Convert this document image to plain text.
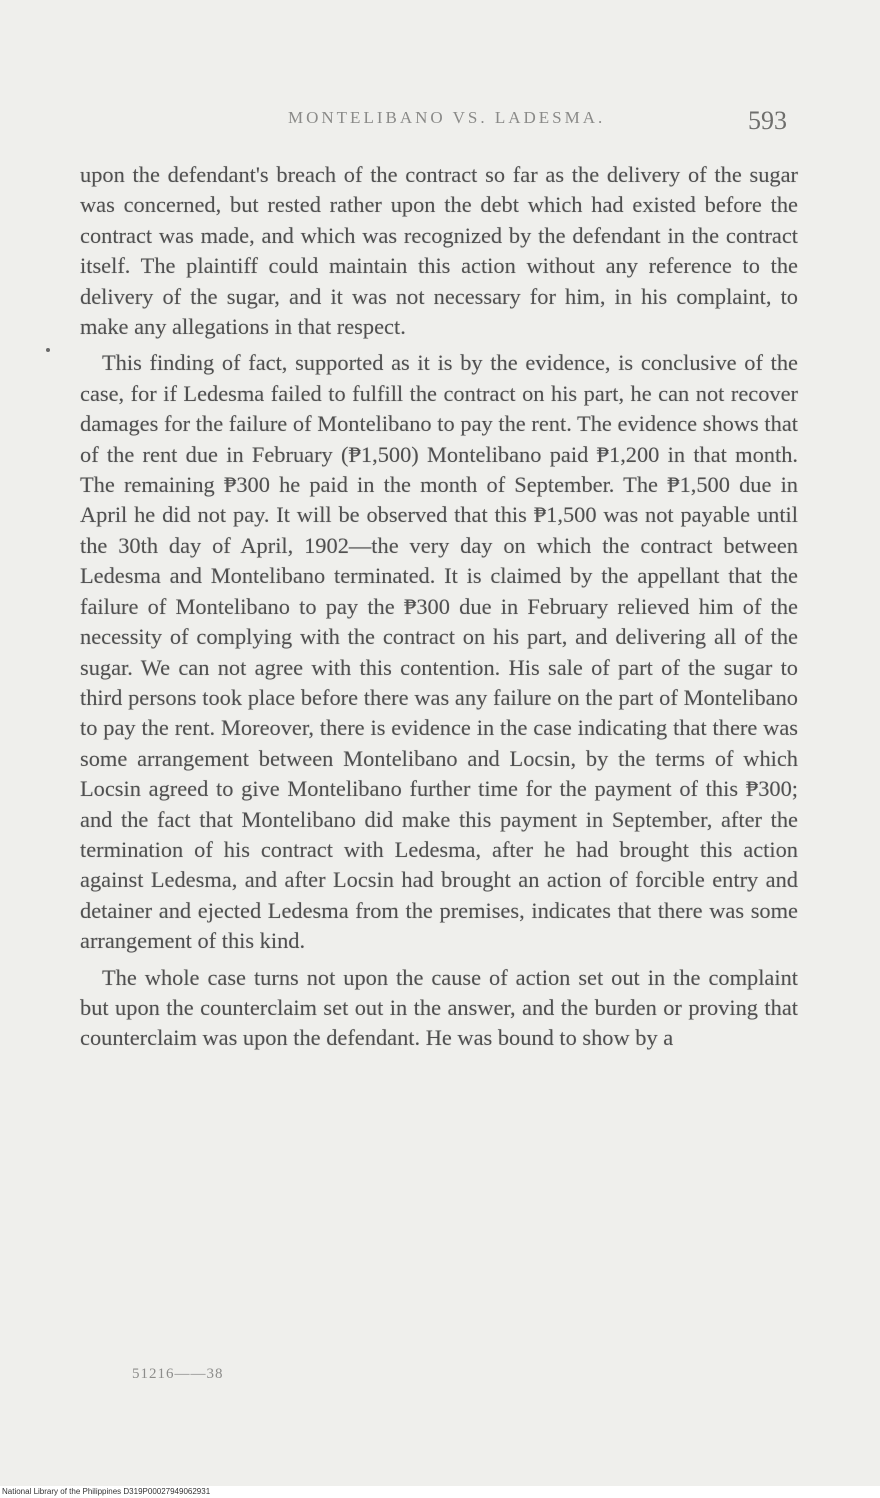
MONTELIBANO VS. LADESMA.	593

upon the defendant's breach of the contract so far as the delivery of the sugar was concerned, but rested rather upon the debt which had existed before the contract was made, and which was recognized by the defendant in the contract itself. The plaintiff could maintain this action without any reference to the delivery of the sugar, and it was not necessary for him, in his complaint, to make any allegations in that respect.

This finding of fact, supported as it is by the evidence, is conclusive of the case, for if Ledesma failed to fulfill the contract on his part, he can not recover damages for the failure of Montelibano to pay the rent. The evidence shows that of the rent due in February (₱1,500) Montelibano paid ₱1,200 in that month. The remaining ₱300 he paid in the month of September. The ₱1,500 due in April he did not pay. It will be observed that this ₱1,500 was not payable until the 30th day of April, 1902—the very day on which the contract between Ledesma and Montelibano terminated. It is claimed by the appellant that the failure of Montelibano to pay the ₱300 due in February relieved him of the necessity of complying with the contract on his part, and delivering all of the sugar. We can not agree with this contention. His sale of part of the sugar to third persons took place before there was any failure on the part of Montelibano to pay the rent. Moreover, there is evidence in the case indicating that there was some arrangement between Montelibano and Locsin, by the terms of which Locsin agreed to give Montelibano further time for the payment of this ₱300; and the fact that Montelibano did make this payment in September, after the termination of his contract with Ledesma, after he had brought this action against Ledesma, and after Locsin had brought an action of forcible entry and detainer and ejected Ledesma from the premises, indicates that there was some arrangement of this kind.

The whole case turns not upon the cause of action set out in the complaint but upon the counterclaim set out in the answer, and the burden or proving that counterclaim was upon the defendant. He was bound to show by a

51216——38
National Library of the Philippines D319P00027949062931
